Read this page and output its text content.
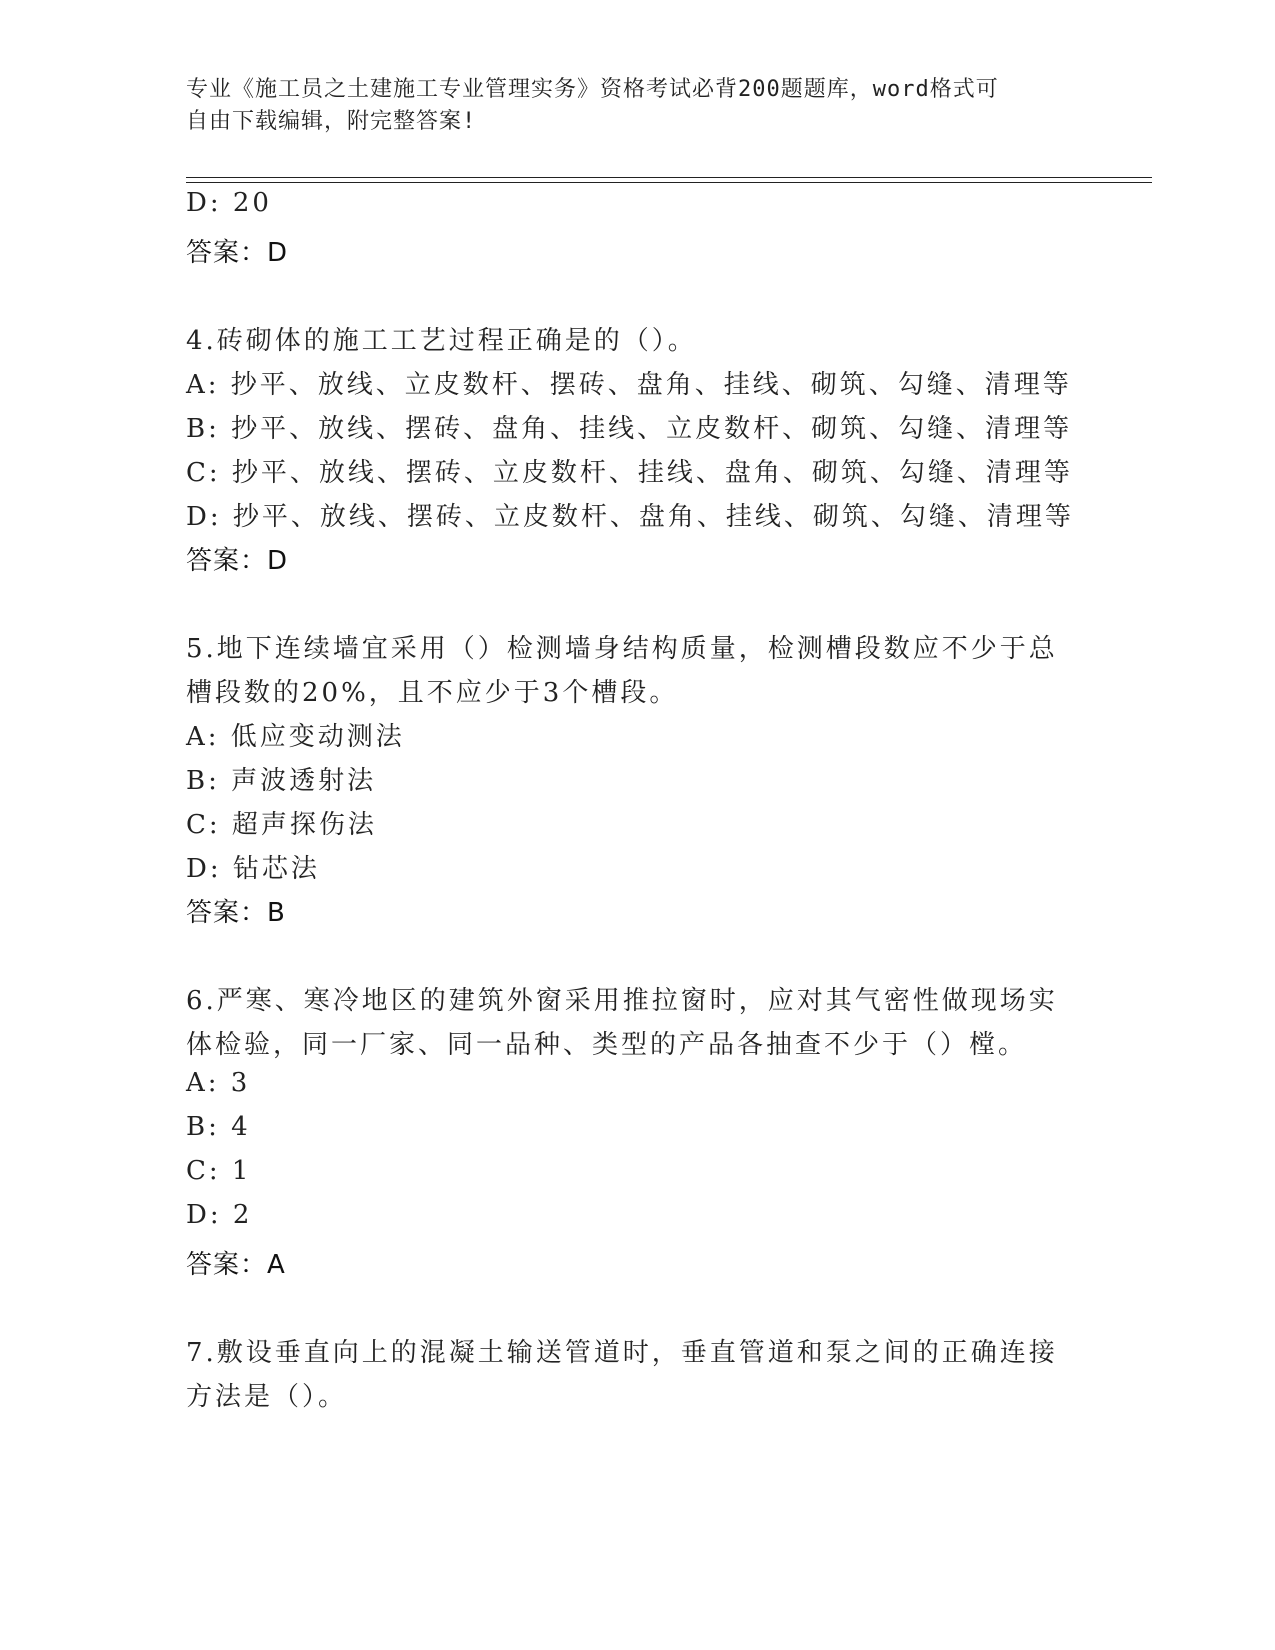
专业《施工员之土建施工专业管理实务》资格考试必背200题题库，word格式可
自由下载编辑，附完整答案!
D: 20
答案：D
4.砖砌体的施工工艺过程正确是的（）。
A: 抄平、放线、立皮数杆、摆砖、盘角、挂线、砌筑、勾缝、清理等
B: 抄平、放线、摆砖、盘角、挂线、立皮数杆、砌筑、勾缝、清理等
C: 抄平、放线、摆砖、立皮数杆、挂线、盘角、砌筑、勾缝、清理等
D: 抄平、放线、摆砖、立皮数杆、盘角、挂线、砌筑、勾缝、清理等
答案：D
5.地下连续墙宜采用（）检测墙身结构质量，检测槽段数应不少于总
槽段数的20%，且不应少于3个槽段。
A: 低应变动测法
B: 声波透射法
C: 超声探伤法
D: 钻芯法
答案：B
6.严寒、寒冷地区的建筑外窗采用推拉窗时，应对其气密性做现场实
体检验，同一厂家、同一品种、类型的产品各抽查不少于（）樘。
A: 3
B: 4
C: 1
D: 2
答案：A
7.敷设垂直向上的混凝土输送管道时，垂直管道和泵之间的正确连接
方法是（）。
